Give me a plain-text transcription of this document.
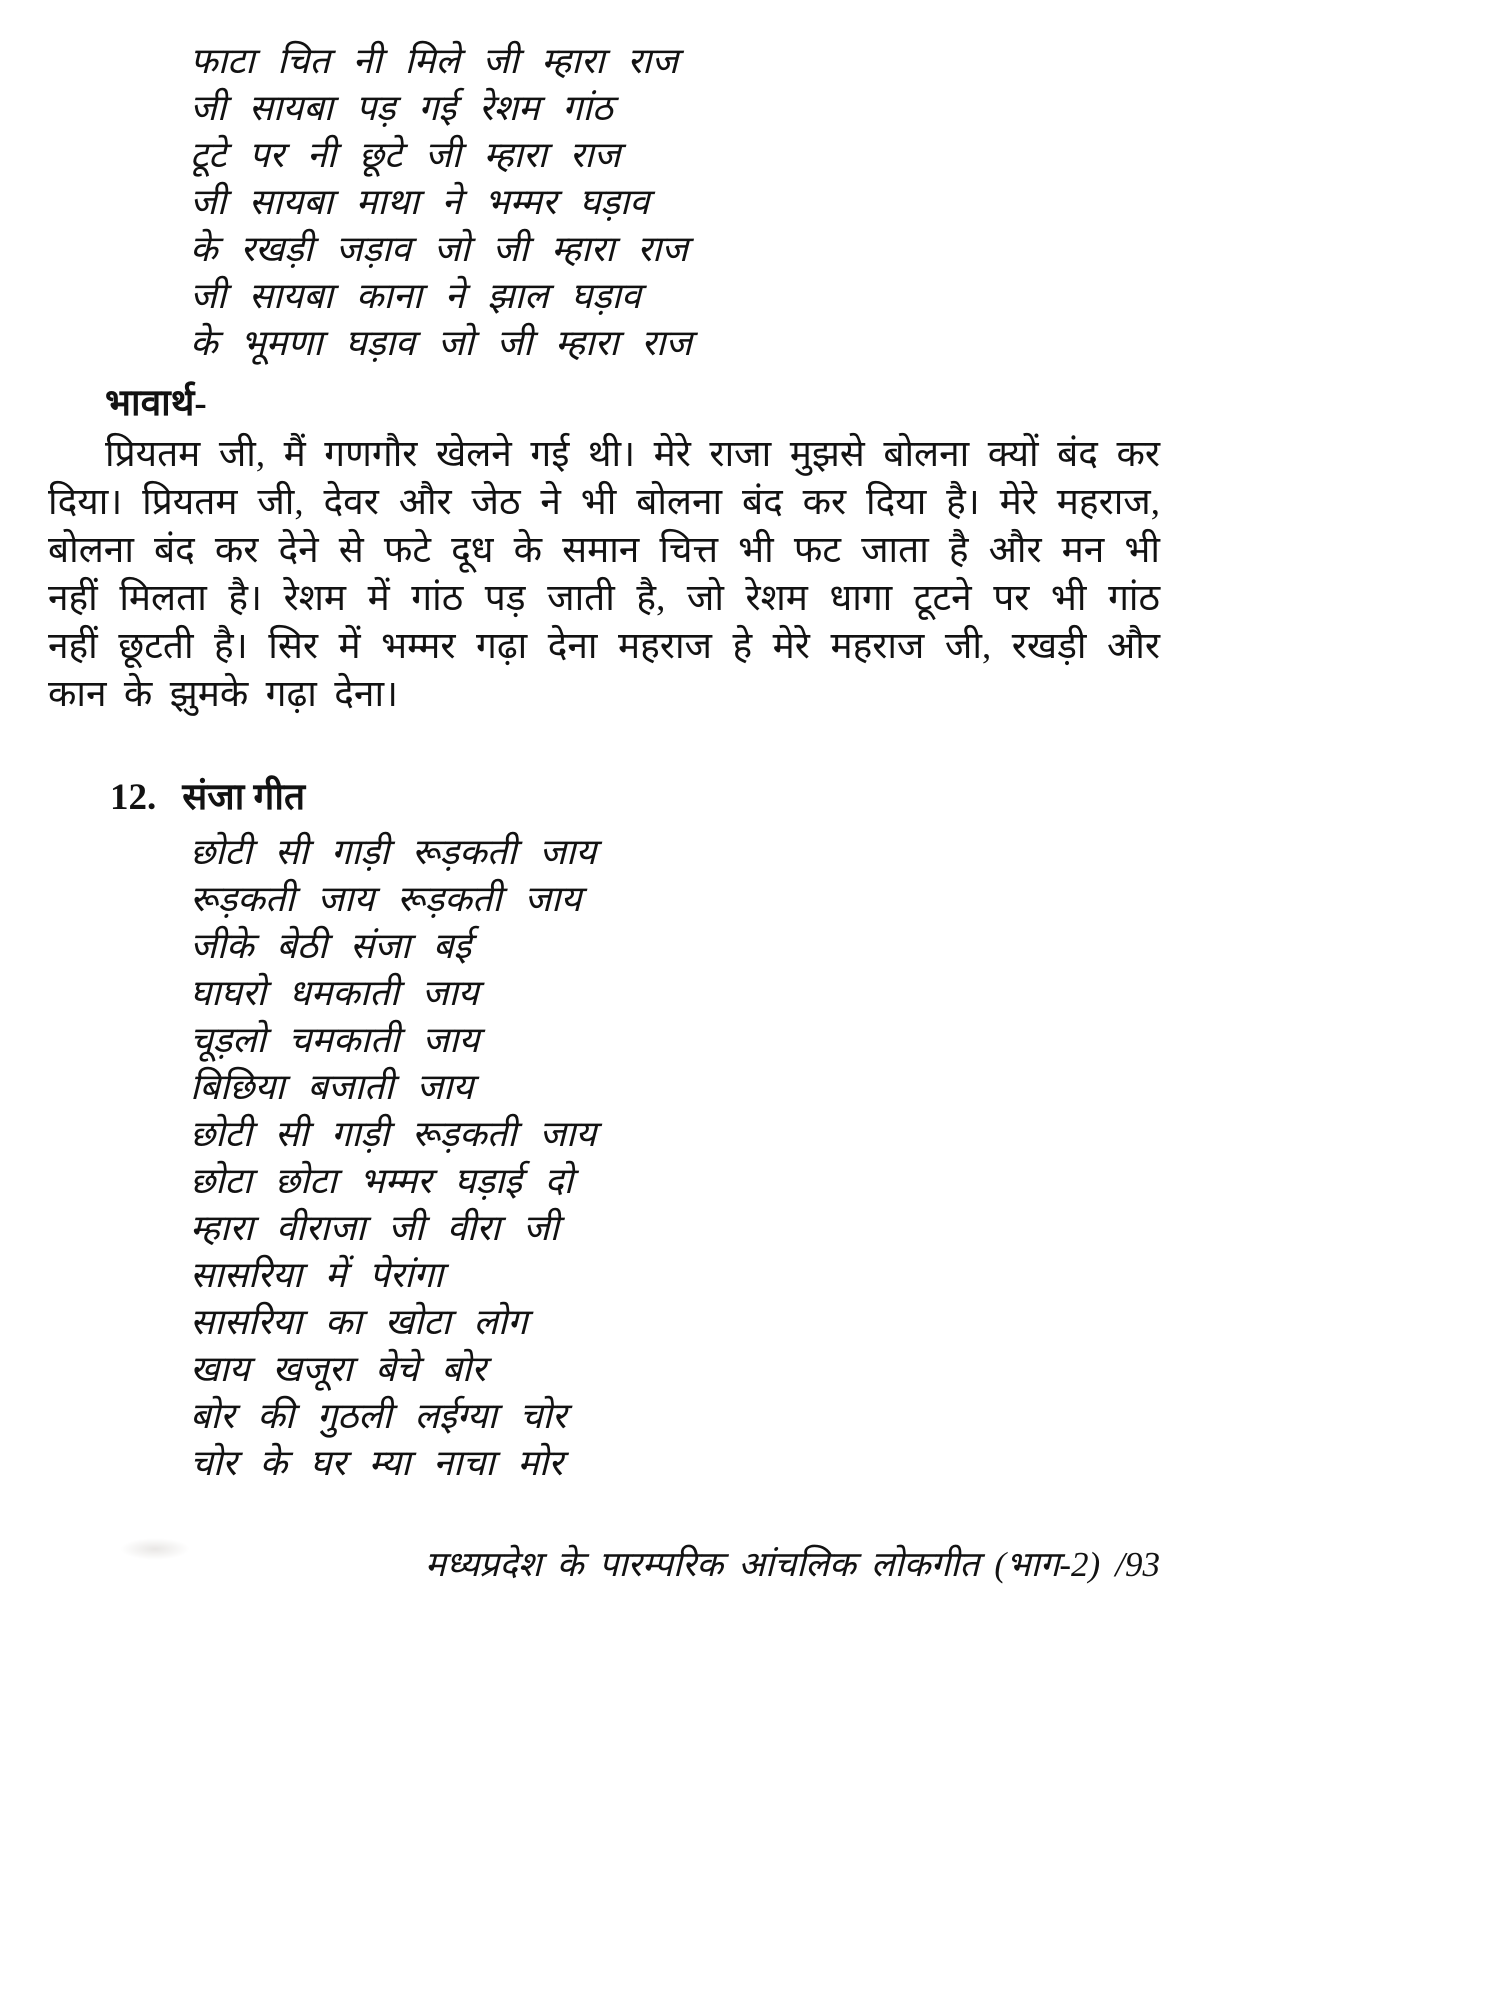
फाटा चित नी मिले जी म्हारा राज
जी सायबा पड़ गई रेशम गांठ
टूटे पर नी छूटे जी म्हारा राज
जी सायबा माथा ने भम्मर घड़ाव
के रखड़ी जड़ाव जो जी म्हारा राज
जी सायबा काना ने झाल घड़ाव
के भूमणा घड़ाव जो जी म्हारा राज
भावार्थ-
प्रियतम जी, मैं गणगौर खेलने गई थी। मेरे राजा मुझसे बोलना क्यों बंद कर दिया। प्रियतम जी, देवर और जेठ ने भी बोलना बंद कर दिया है। मेरे महराज, बोलना बंद कर देने से फटे दूध के समान चित्त भी फट जाता है और मन भी नहीं मिलता है। रेशम में गांठ पड़ जाती है, जो रेशम धागा टूटने पर भी गांठ नहीं छूटती है। सिर में भम्मर गढ़ा देना महराज हे मेरे महराज जी, रखड़ी और कान के झुमके गढ़ा देना।
12. संजा गीत
छोटी सी गाड़ी रूड़कती जाय
रूड़कती जाय रूड़कती जाय
जीके बेठी संजा बई
घाघरो धमकाती जाय
चूड़लो चमकाती जाय
बिछिया बजाती जाय
छोटी सी गाड़ी रूड़कती जाय
छोटा छोटा भम्मर घड़ाई दो
म्हारा वीराजा जी वीरा जी
सासरिया में पेरांगा
सासरिया का खोटा लोग
खाय खजूरा बेचे बोर
बोर की गुठली लईग्या चोर
चोर के घर म्या नाचा मोर
मध्यप्रदेश के पारम्परिक आंचलिक लोकगीत (भाग-2) /93
